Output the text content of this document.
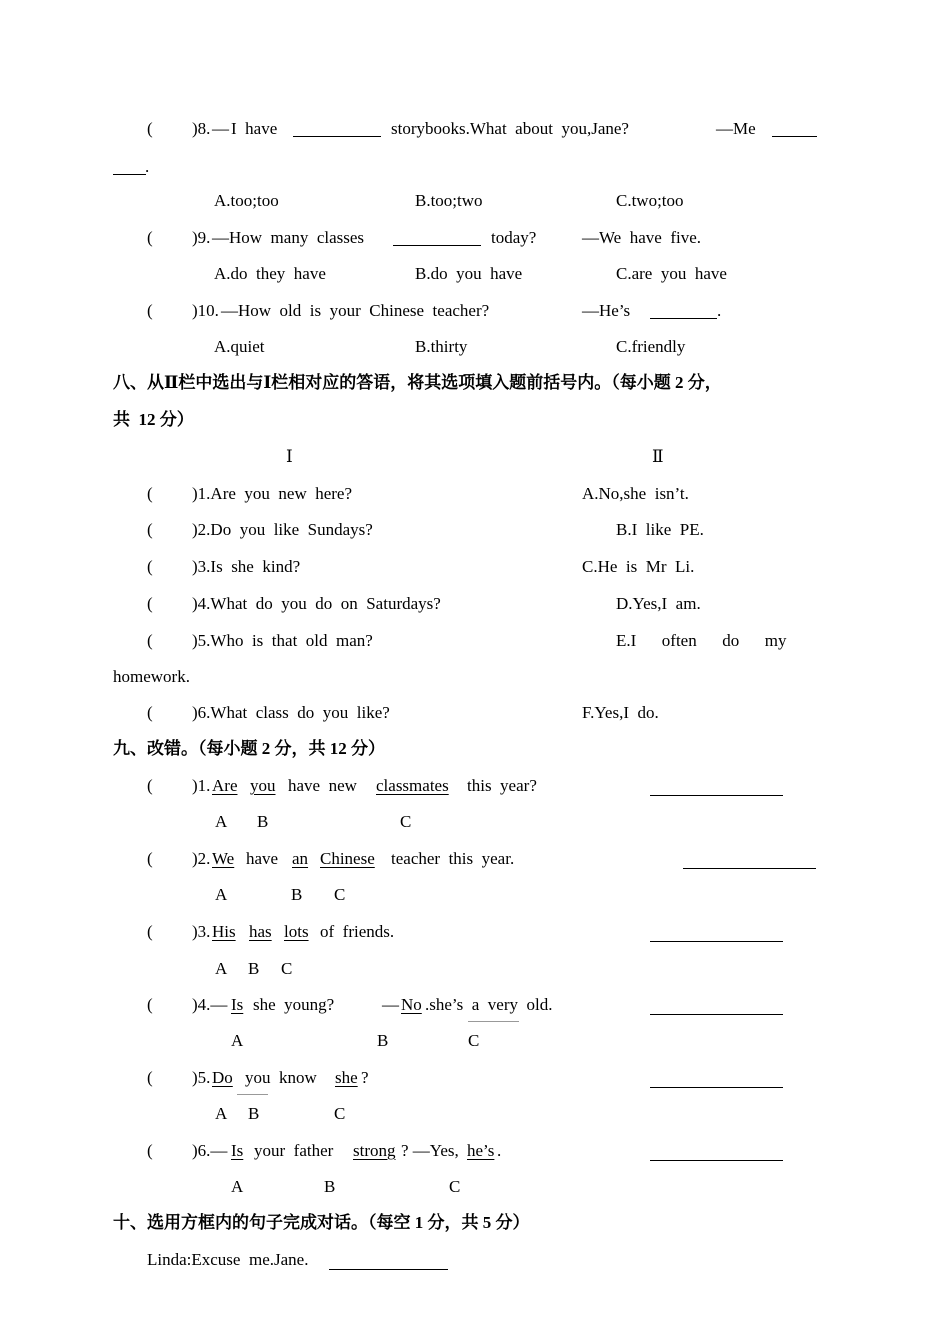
( )8. — I  have	storybooks.What  about  you,Jane?	—Me
.
A.too;too	B.too;two	C.two;too
( )9. —How  many  classes	today?	—We  have  five.
A.do  they  have	B.do  you  have	C.are  you  have
( )10. —How  old  is  your  Chinese  teacher?	—He’s	.
A.quiet	B.thirty	C.friendly
八、从Ⅱ栏中选出与Ⅰ栏相对应的答语，将其选项填入题前括号内。（每小题 2 分，
共  12 分）
Ⅰ	Ⅱ
( )1.Are  you  new  here?	A.No,she  isn’t.
( )2.Do  you  like  Sundays?	B.I  like  PE.
( )3.Is  she  kind?	C.He  is  Mr  Li.
( )4.What  do  you  do  on  Saturdays?	D.Yes,I  am.
( )5.Who  is  that  old  man?	E.I      often      do      my
homework.
( )6.What  class  do  you  like?	F.Yes,I  do.
九、改错。（每小题 2 分，共 12 分）
( )1. Are you have  new classmates this  year?
A B	C
( )2. We have an Chinese teacher  this  year.
A	B C
( )3. His has lots of  friends.
A B C
( )4.— Is she  young?	— No .she’s  a  very  old.
A	B	C
( )5. Do you  know she ?
A B	C
( )6.— Is your  father strong ? —Yes, he’s .
A	B	C
十、选用方框内的句子完成对话。（每空 1 分，共 5 分）
Linda:Excuse  me.Jane.
